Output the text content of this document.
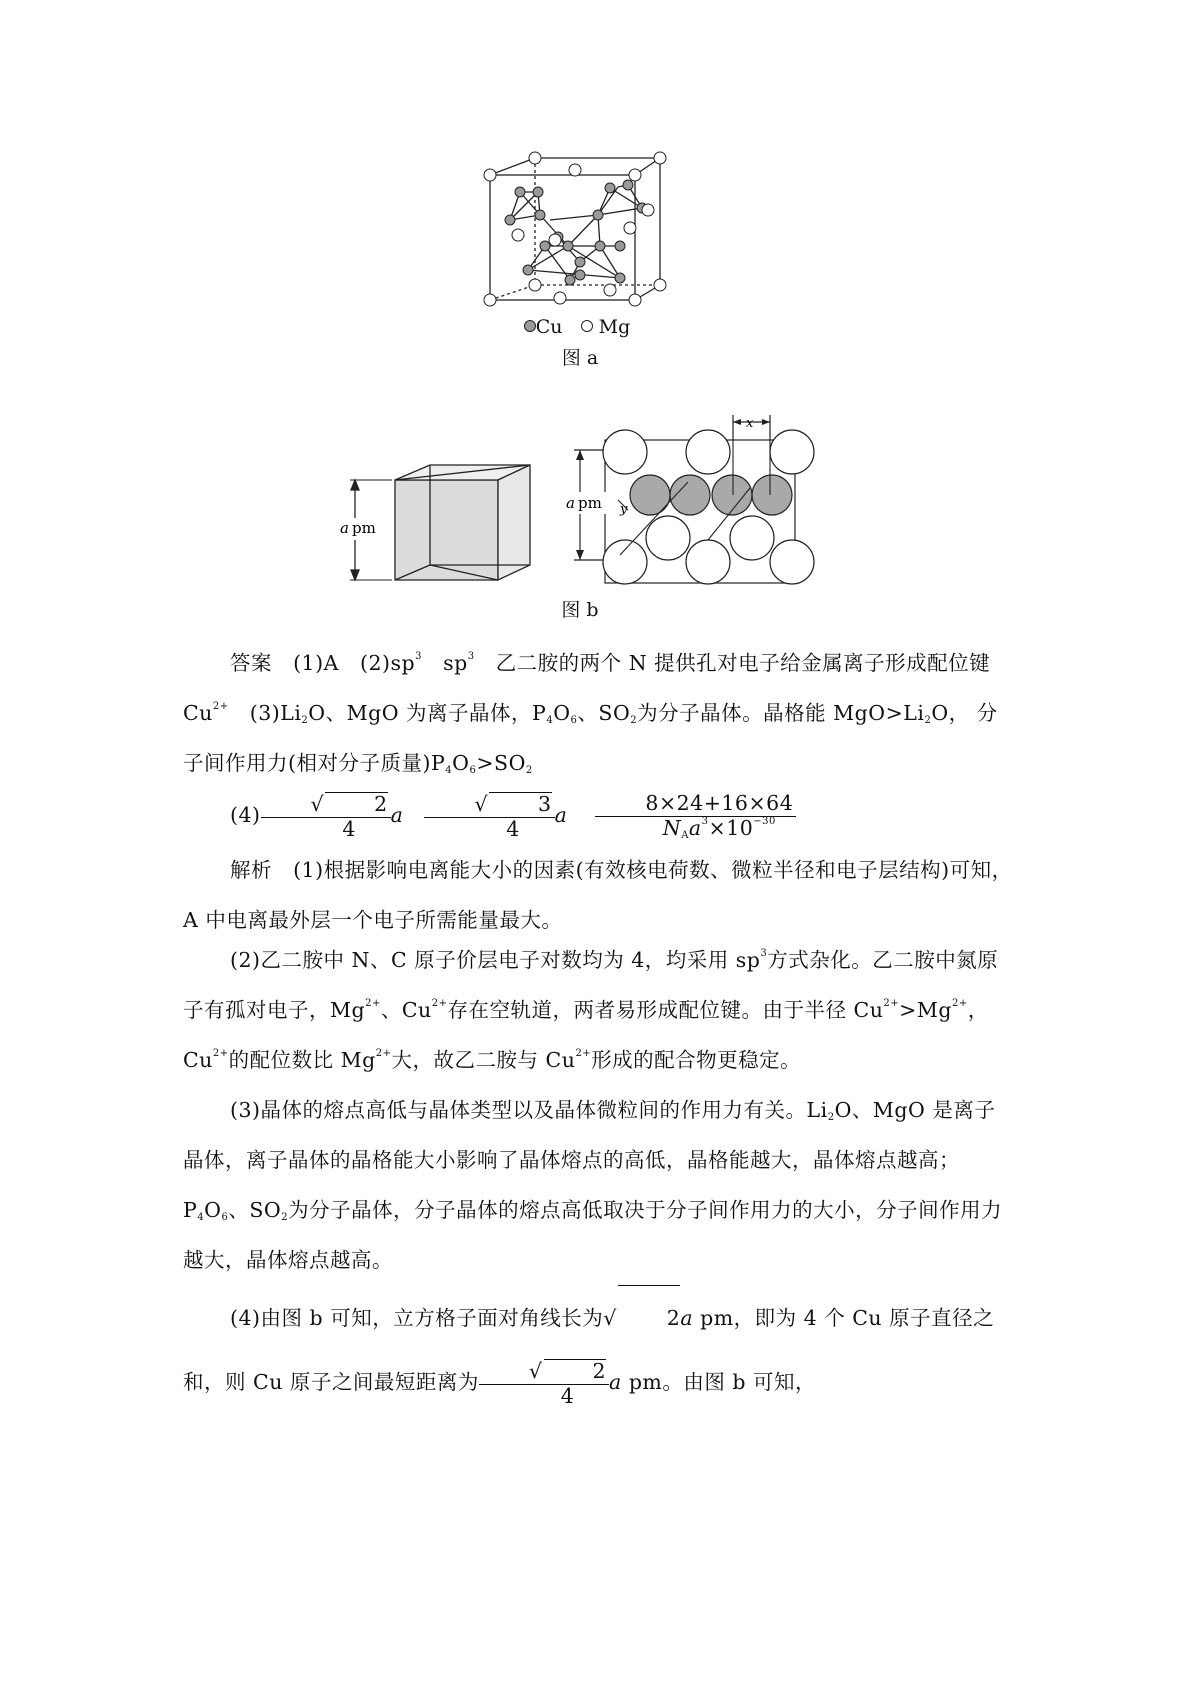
Cu Mg
图 a
a pm
a pm
x
y
图 b
答案 (1)A $(2)sp^3$ $sp^3$ 乙二胺的两个 N 提供孔对电子给金属离子形成配位键   $Cu^{2+}$ $(3)Li_2O$、MgO 为离子晶体，$P_4O_6$、$SO_2$为分子晶体。晶格能 $MgO>Li_2O$， 分子间作用力(相对分子质量)$P_4O_6>SO_2$
$(4) \frac{√ 2}{4}$ a $\frac{√ 3}{4}$ a $\frac{8\times 24+16\times 64}{N_Aa^3\times 10^{-30}}$
解析 (1)根据影响电离能大小的因素(有效核电荷数、微粒半径和电子层结构)可知，A 中电离最外层一个电子所需能量最大。
(2)乙二胺中 N、C 原子价层电子对数均为 4，均采用 $sp^3$方式杂化。乙二胺中氮原子有孤对电子，$Mg^{2+}$、$Cu^{2+}$存在空轨道，两者易形成配位键。由于半径 $Cu^{2+}>Mg^{2+}$，$Cu^{2+}$的配位数比 $Mg^{2+}$大，故乙二胺与 $Cu^{2+}$形成的配合物更稳定。
(3)晶体的熔点高低与晶体类型以及晶体微粒间的作用力有关。$Li_2O$、MgO 是离子晶体，离子晶体的晶格能大小影响了晶体熔点的高低，晶格能越大，晶体熔点越高；$P_4O_6$、$SO_2$为分子晶体，分子晶体的熔点高低取决于分子间作用力的大小，分子间作用力越大，晶体熔点越高。
(4)由图 b 可知，立方格子面对角线长为√ 2a pm，即为 4 个 Cu 原子直径之和，则 Cu 原子之间最短距离为 $\frac{√ 2}{4}$ a pm。由图 b 可知，
